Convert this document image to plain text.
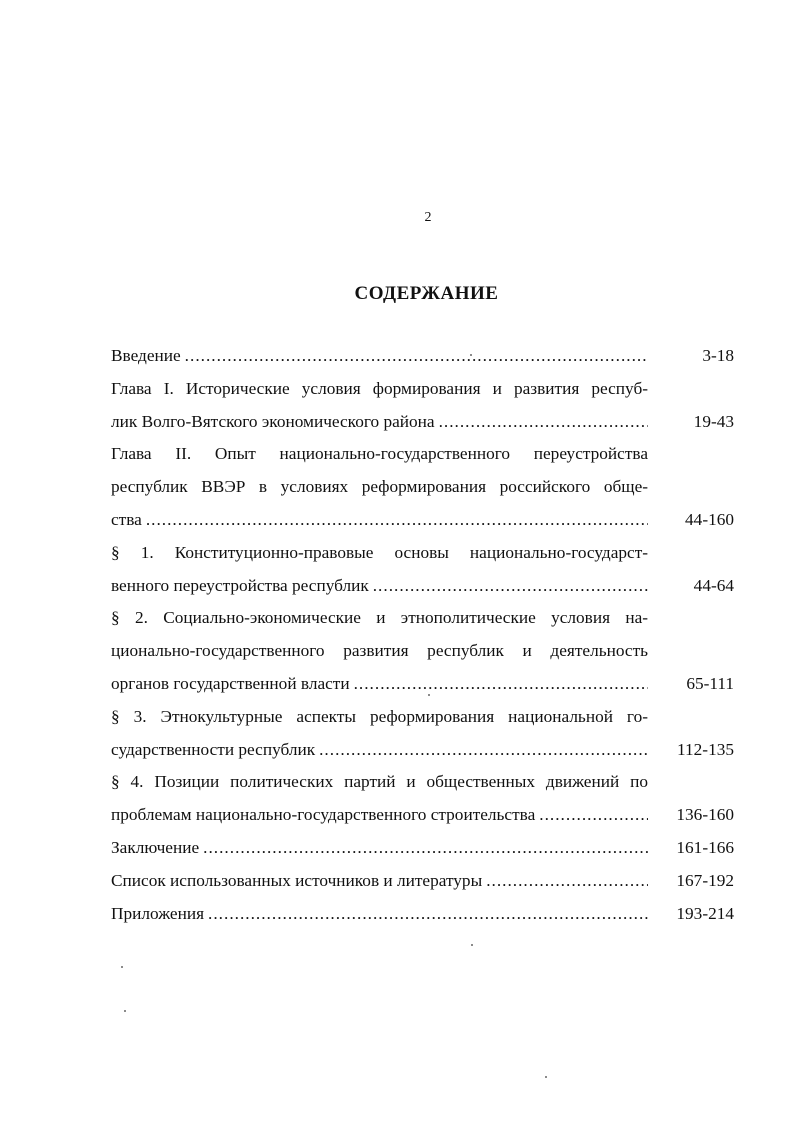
2
СОДЕРЖАНИЕ
Введение .....	3-18
Глава I. Исторические условия формирования и развития респуб-
лик Волго-Вятского экономического района .....	19-43
Глава II. Опыт национально-государственного переустройства
республик ВВЭР в условиях реформирования российского обще-
ства .....	44-160
§ 1. Конституционно-правовые основы национально-государст-
венного переустройства республик .....	44-64
§ 2. Социально-экономические и этнополитические условия на-
ционально-государственного развития республик и деятельность
органов государственной власти .....	65-111
§ 3. Этнокультурные аспекты реформирования национальной го-
сударственности республик .....	112-135
§ 4. Позиции политических партий и общественных движений по
проблемам национально-государственного строительства .....	136-160
Заключение .....	161-166
Список использованных источников и литературы .....	167-192
Приложения .....	193-214
